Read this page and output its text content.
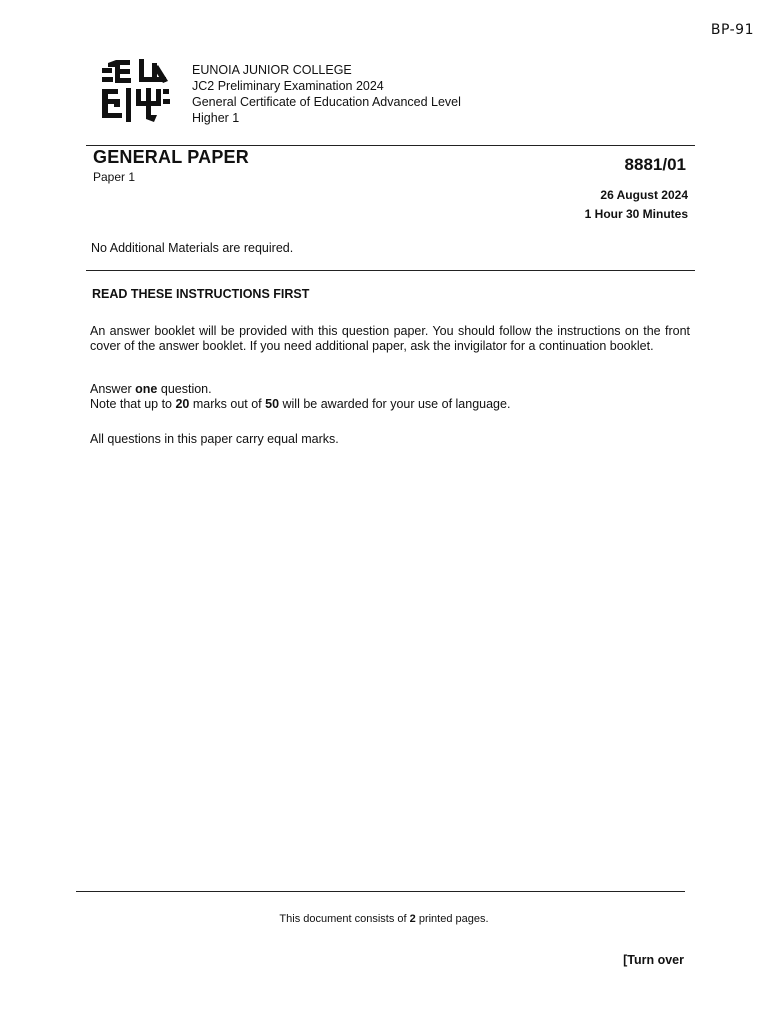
BP-91
EUNOIA JUNIOR COLLEGE
JC2 Preliminary Examination 2024
General Certificate of Education Advanced Level
Higher 1
GENERAL PAPER
Paper 1
8881/01
26 August 2024
1 Hour 30 Minutes
No Additional Materials are required.
READ THESE INSTRUCTIONS FIRST
An answer booklet will be provided with this question paper. You should follow the instructions on the front cover of the answer booklet. If you need additional paper, ask the invigilator for a continuation booklet.
Answer one question.
Note that up to 20 marks out of 50 will be awarded for your use of language.
All questions in this paper carry equal marks.
This document consists of 2 printed pages.
[Turn over
